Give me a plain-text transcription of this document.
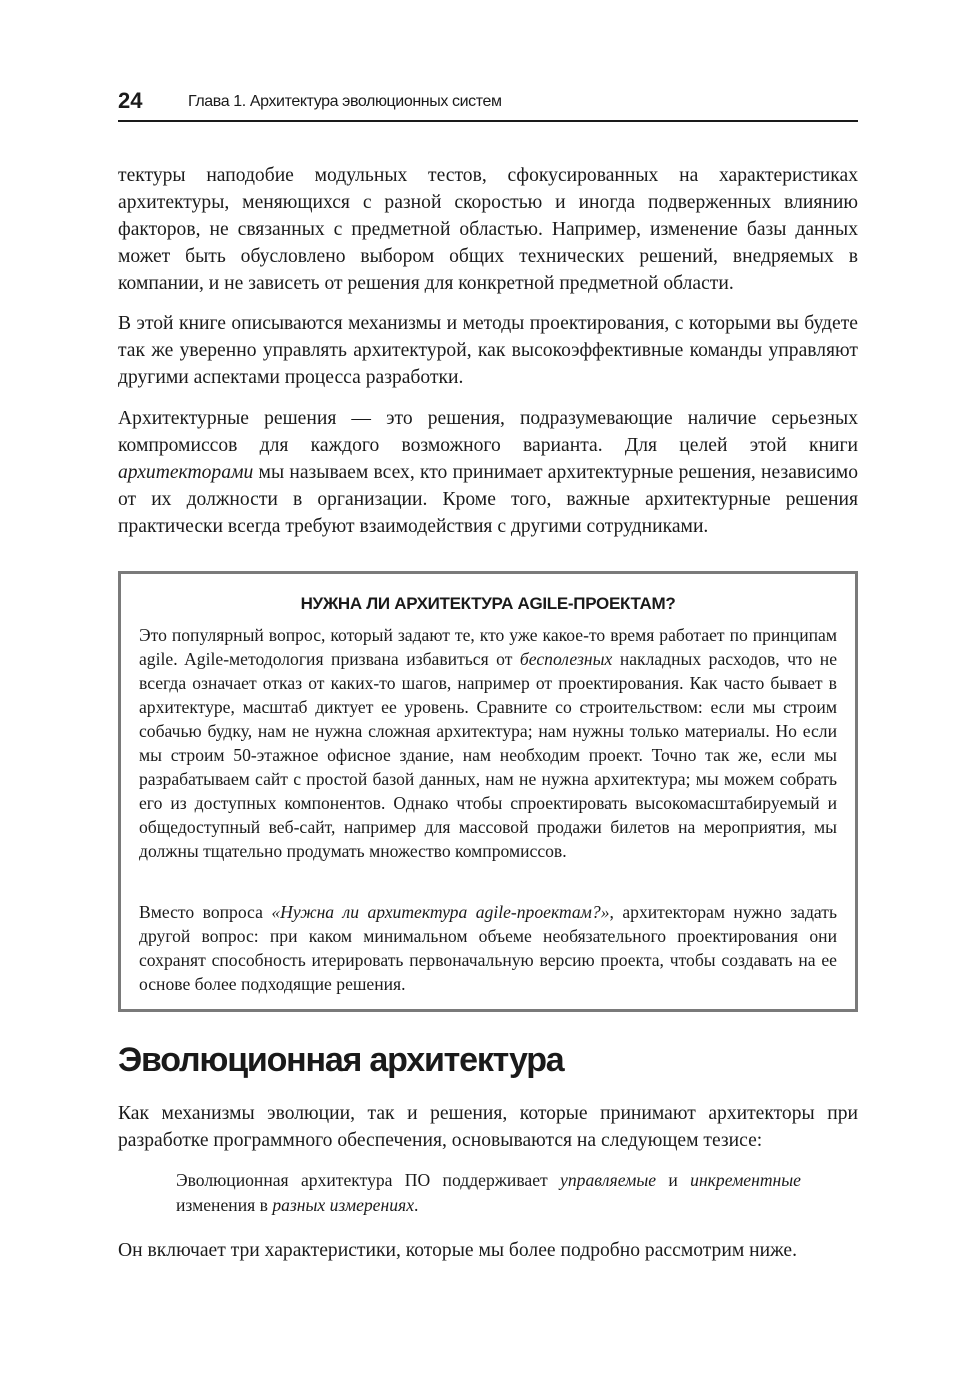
24	Глава 1. Архитектура эволюционных систем

тектуры наподобие модульных тестов, сфокусированных на характеристиках архитектуры, меняющихся с разной скоростью и иногда подверженных влиянию факторов, не связанных с предметной областью. Например, изменение базы данных может быть обусловлено выбором общих технических решений, внедряемых в компании, и не зависеть от решения для конкретной предметной области.

В этой книге описываются механизмы и методы проектирования, с которыми вы будете так же уверенно управлять архитектурой, как высокоэффективные команды управляют другими аспектами процесса разработки.

Архитектурные решения — это решения, подразумевающие наличие серьезных компромиссов для каждого возможного варианта. Для целей этой книги архитекторами мы называем всех, кто принимает архитектурные решения, независимо от их должности в организации. Кроме того, важные архитектурные решения практически всегда требуют взаимодействия с другими сотрудниками.

НУЖНА ЛИ АРХИТЕКТУРА AGILE-ПРОЕКТАМ?

Это популярный вопрос, который задают те, кто уже какое-то время работает по принципам agile. Agile-методология призвана избавиться от бесполезных накладных расходов, что не всегда означает отказ от каких-то шагов, например от проектирования. Как часто бывает в архитектуре, масштаб диктует ее уровень. Сравните со строительством: если мы строим собачью будку, нам не нужна сложная архитектура; нам нужны только материалы. Но если мы строим 50-этажное офисное здание, нам необходим проект. Точно так же, если мы разрабатываем сайт с простой базой данных, нам не нужна архитектура; мы можем собрать его из доступных компонентов. Однако чтобы спроектировать высокомасштабируемый и общедоступный веб-сайт, например для массовой продажи билетов на мероприятия, мы должны тщательно продумать множество компромиссов.

Вместо вопроса «Нужна ли архитектура agile-проектам?», архитекторам нужно задать другой вопрос: при каком минимальном объеме необязательного проектирования они сохранят способность итерировать первоначальную версию проекта, чтобы создавать на ее основе более подходящие решения.

Эволюционная архитектура

Как механизмы эволюции, так и решения, которые принимают архитекторы при разработке программного обеспечения, основываются на следующем тезисе:

Эволюционная архитектура ПО поддерживает управляемые и инкрементные изменения в разных измерениях.

Он включает три характеристики, которые мы более подробно рассмотрим ниже.
